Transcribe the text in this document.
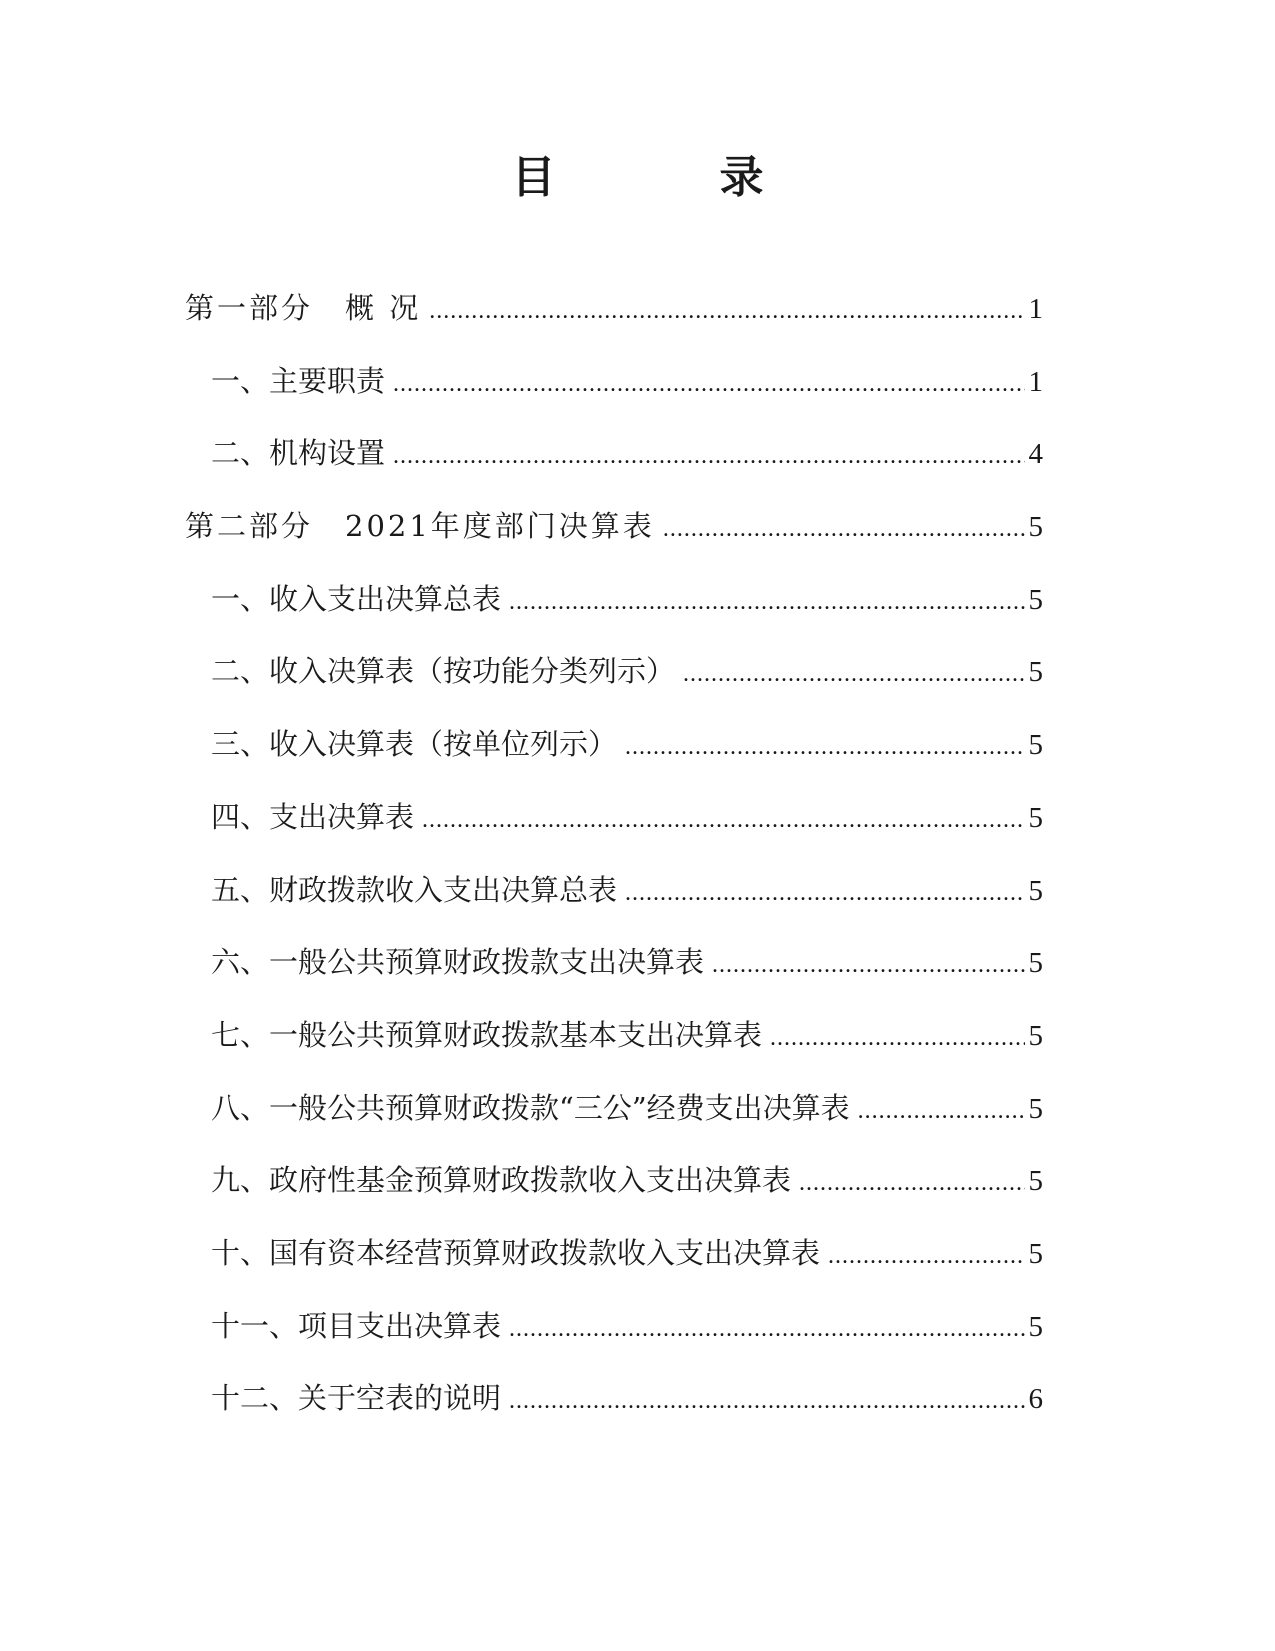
目　录
第一部分　概 况 .....	1
一、主要职责 .....	1
二、机构设置 .....	4
第二部分　2021年度部门决算表 .....	5
一、收入支出决算总表 .....	5
二、收入决算表（按功能分类列示） .....	5
三、收入决算表（按单位列示） .....	5
四、支出决算表 .....	5
五、财政拨款收入支出决算总表 .....	5
六、一般公共预算财政拨款支出决算表 .....	5
七、一般公共预算财政拨款基本支出决算表 .....	5
八、一般公共预算财政拨款“三公”经费支出决算表 .....	5
九、政府性基金预算财政拨款收入支出决算表 .....	5
十、国有资本经营预算财政拨款收入支出决算表 .....	5
十一、项目支出决算表 .....	5
十二、关于空表的说明 .....	6
